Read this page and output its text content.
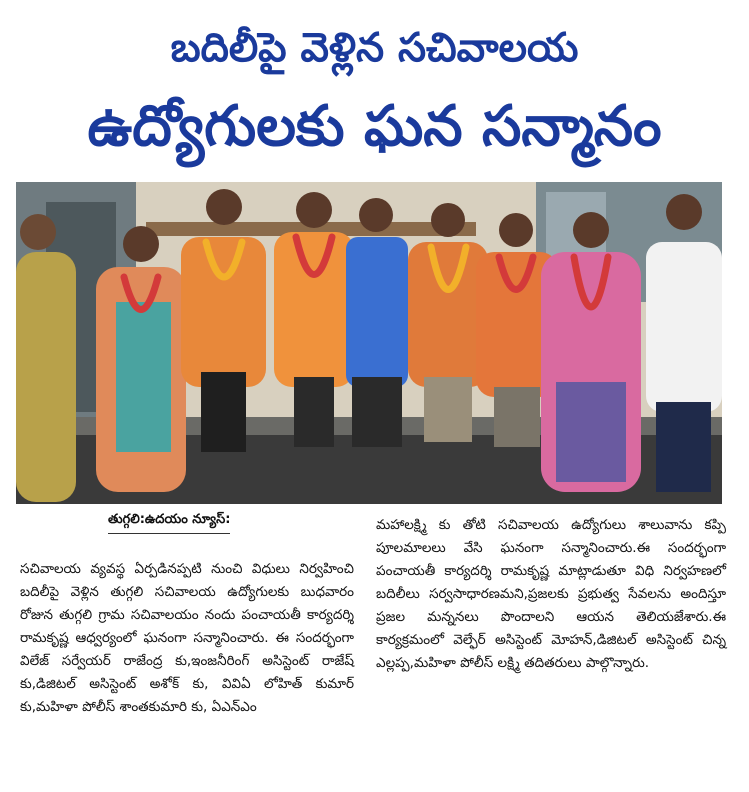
బదిలీపై వెళ్లిన సచివాలయ
ఉద్యోగులకు ఘన సన్మానం
తుగ్గలి:ఉదయం న్యూస్:

సచివాలయ వ్యవస్థ ఏర్పడినప్పటి నుంచి విధులు నిర్వహించి బదిలీపై వెళ్లిన తుగ్గలి సచివాలయ ఉద్యోగులకు బుధవారం రోజున తుగ్గలి గ్రామ సచివాలయం నందు పంచాయతీ కార్యదర్శి రామకృష్ణ ఆధ్వర్యంలో ఘనంగా సన్మానించారు. ఈ సందర్భంగా విలేజ్ సర్వేయర్ రాజేంద్ర కు,ఇంజనీరింగ్ అసిస్టెంట్ రాజేష్ కు,డిజిటల్ అసిస్టెంట్ అశోక్ కు, వివిఏ లోహిత్ కుమార్ కు,మహిళా పోలీస్ శాంతకుమారి కు, ఏఎన్ఎం

మహాలక్ష్మి కు తోటి సచివాలయ ఉద్యోగులు శాలువాను కప్పి పూలమాలలు వేసి ఘనంగా సన్మానించారు.ఈ సందర్భంగా పంచాయతీ కార్యదర్శి రామకృష్ణ మాట్లాడుతూ విధి నిర్వహణలో బదిలీలు సర్వసాధారణమని,ప్రజలకు ప్రభుత్వ సేవలను అందిస్తూ ప్రజల మన్ననలు పొందాలని ఆయన తెలియజేశారు.ఈ కార్యక్రమంలో వెల్ఫేర్ అసిస్టెంట్ మోహన్,డిజిటల్ అసిస్టెంట్ చిన్న ఎల్లప్ప,మహిళా పోలీస్ లక్ష్మి తదితరులు పాల్గొన్నారు.
